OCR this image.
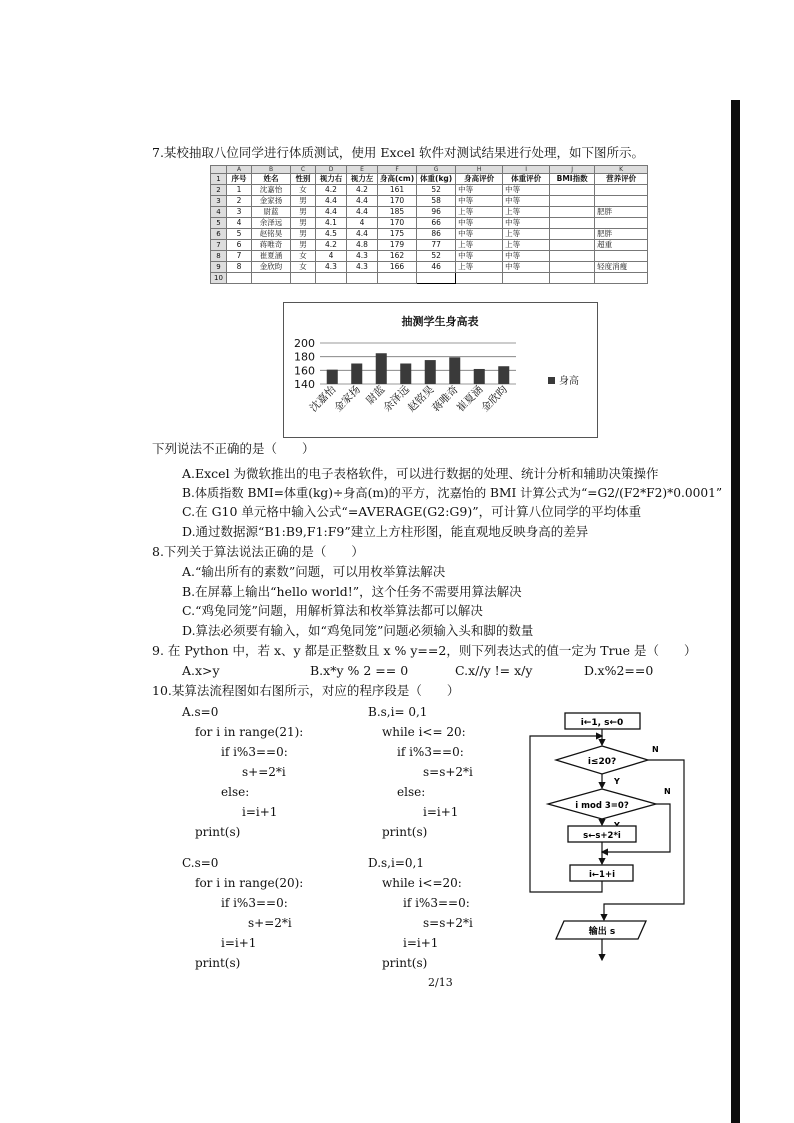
7.某校抽取八位同学进行体质测试，使用 Excel 软件对测试结果进行处理，如下图所示。
	A	B	C	D	E	F	G	H	I	J	K
1	序号	姓名	性别	视力右	视力左	身高(cm)	体重(kg)	身高评价	体重评价	BMI指数	营养评价
2	1	沈嘉怡	女	4.2	4.2	161	52	中等	中等		
3	2	金家扬	男	4.4	4.4	170	58	中等	中等		
4	3	尉蓝	男	4.4	4.4	185	96	上等	上等		肥胖
5	4	余泽远	男	4.1	4	170	66	中等	中等		
6	5	赵铭昊	男	4.5	4.4	175	86	中等	上等		肥胖
7	6	蒋唯奇	男	4.2	4.8	179	77	上等	上等		超重
8	7	崔夏涵	女	4	4.3	162	52	中等	中等		
9	8	金欣昀	女	4.3	4.3	166	46	上等	中等		轻度消瘦
10											
抽测学生身高表
140
160
180
200
沈嘉怡
金家扬 尉蓝
余泽远
赵铭昊
蒋唯奇
崔夏涵
金欣昀
身高
下列说法不正确的是（　　）
A.Excel 为微软推出的电子表格软件，可以进行数据的处理、统计分析和辅助决策操作
B.体质指数 BMI=体重(kg)÷身高(m)的平方，沈嘉怡的 BMI 计算公式为“=G2/(F2*F2)*0.0001”
C.在 G10 单元格中输入公式“=AVERAGE(G2:G9)”，可计算八位同学的平均体重
D.通过数据源“B1:B9,F1:F9”建立上方柱形图，能直观地反映身高的差异
8.下列关于算法说法正确的是（　　）
A.“输出所有的素数”问题，可以用枚举算法解决
B.在屏幕上输出“hello world!”，这个任务不需要用算法解决
C.“鸡兔同笼”问题，用解析算法和枚举算法都可以解决
D.算法必须要有输入，如“鸡兔同笼”问题必须输入头和脚的数量
9. 在 Python 中，若 x、y 都是正整数且 x % y==2，则下列表达式的值一定为 True 是（　　）
A.x>y	B.x*y % 2 == 0	C.x//y != x/y	D.x%2==0
10.某算法流程图如右图所示，对应的程序段是（　　）
A.s=0
for i in range(21):
if i%3==0:
s+=2*i
else:
i=i+1
print(s)
B.s,i= 0,1
while i<= 20:
if i%3==0:
s=s+2*i
else:
i=i+1
print(s)
C.s=0
for i in range(20):
if i%3==0:
s+=2*i
i=i+1
print(s)
D.s,i=0,1
while i<=20:
if i%3==0:
s=s+2*i
i=i+1
print(s)
i←1, s←0
i≤20?
N
Y
i mod 3=0?
N
s←s+2*i
i←1+i
输出 s
2/13
